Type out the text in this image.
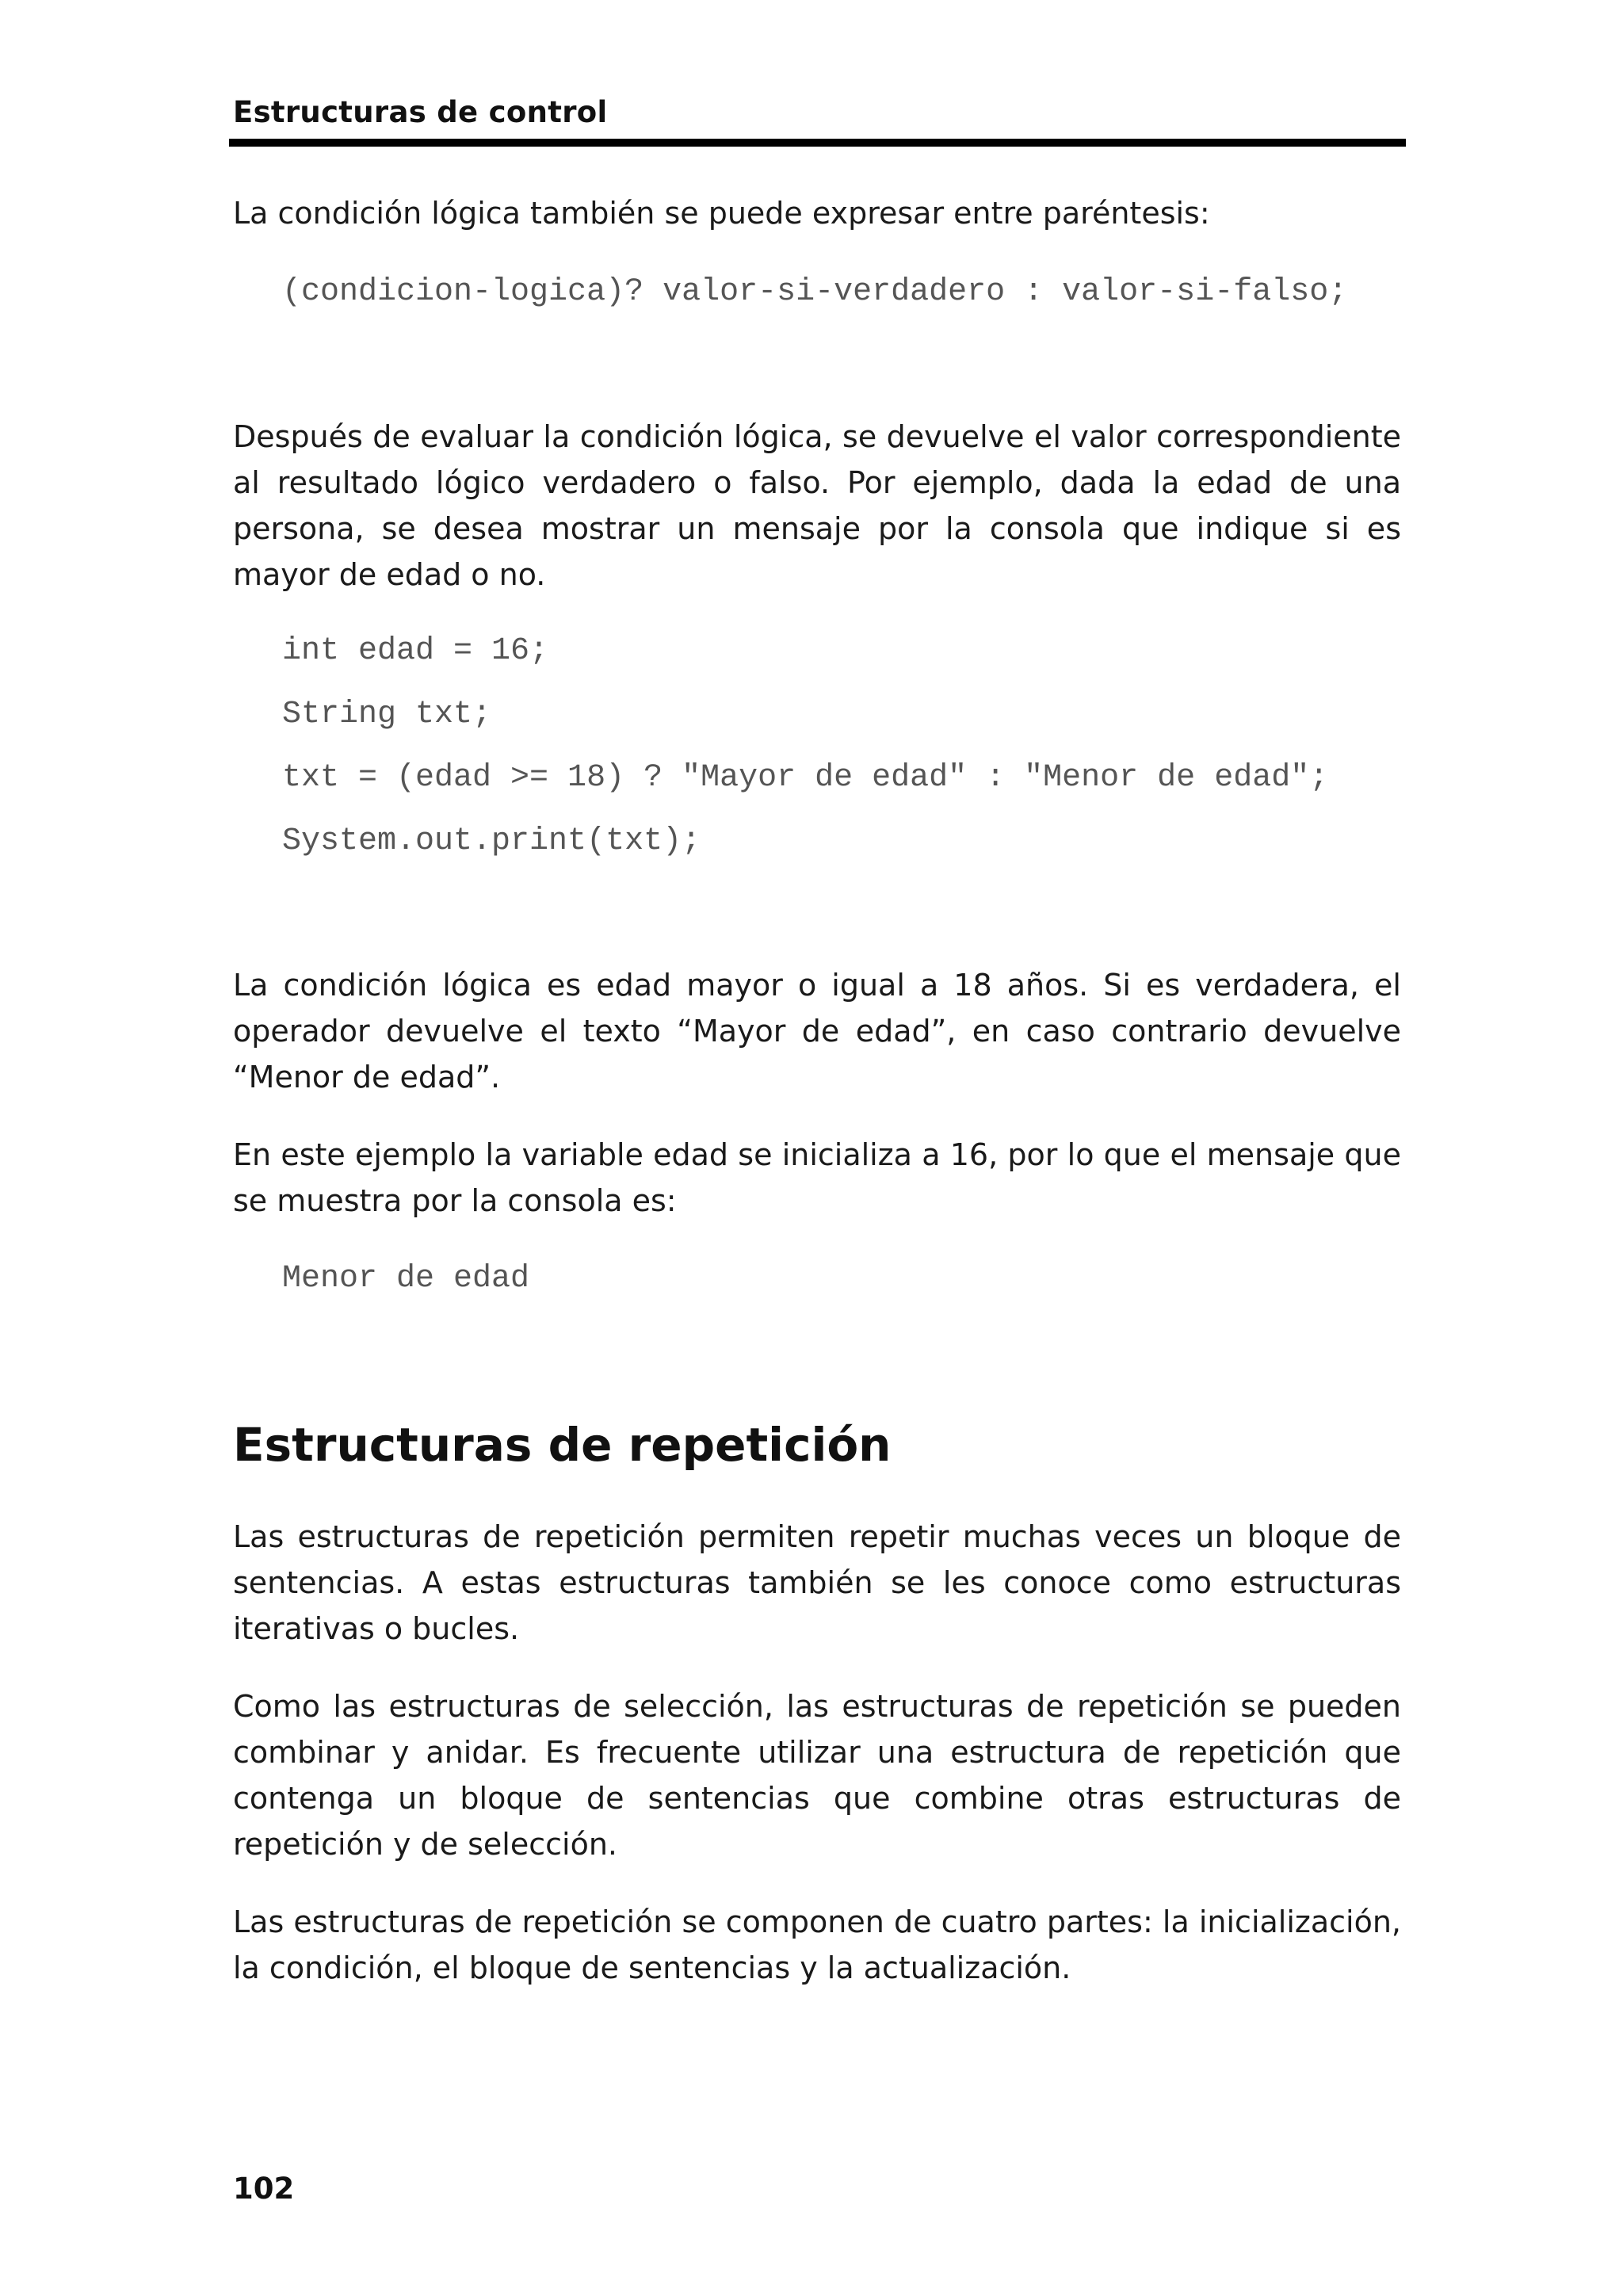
Estructuras de control

La condición lógica también se puede expresar entre paréntesis:

(condicion-logica)? valor-si-verdadero : valor-si-falso;

Después de evaluar la condición lógica, se devuelve el valor correspondiente al resultado lógico verdadero o falso. Por ejemplo, dada la edad de una persona, se desea mostrar un mensaje por la consola que indique si es mayor de edad o no.

int edad = 16;
String txt;
txt = (edad >= 18) ? "Mayor de edad" : "Menor de edad";
System.out.print(txt);

La condición lógica es edad mayor o igual a 18 años. Si es verdadera, el operador devuelve el texto “Mayor de edad”, en caso contrario devuelve “Menor de edad”.

En este ejemplo la variable edad se inicializa a 16, por lo que el mensaje que se muestra por la consola es:

Menor de edad
Estructuras de repetición

Las estructuras de repetición permiten repetir muchas veces un bloque de sentencias. A estas estructuras también se les conoce como estructuras iterativas o bucles.

Como las estructuras de selección, las estructuras de repetición se pueden combinar y anidar. Es frecuente utilizar una estructura de repetición que contenga un bloque de sentencias que combine otras estructuras de repetición y de selección.

Las estructuras de repetición se componen de cuatro partes: la inicialización, la condición, el bloque de sentencias y la actualización.

102
